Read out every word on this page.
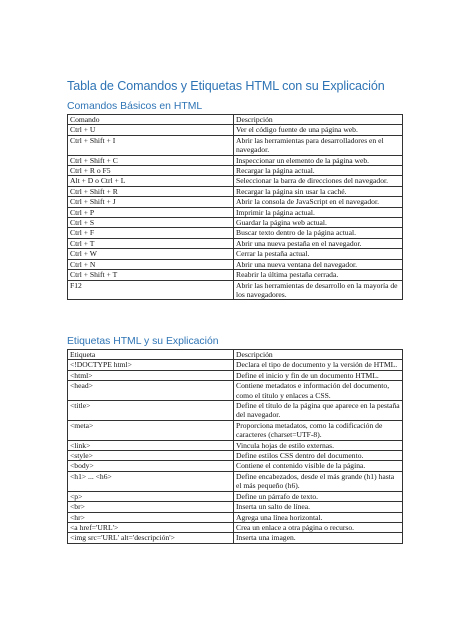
Tabla de Comandos y Etiquetas HTML con su Explicación
Comandos Básicos en HTML
Comando	Descripción
Ctrl + U	Ver el código fuente de una página web.
Ctrl + Shift + I	Abrir las herramientas para desarrolladores en el navegador.
Ctrl + Shift + C	Inspeccionar un elemento de la página web.
Ctrl + R o F5	Recargar la página actual.
Alt + D o Ctrl + L	Seleccionar la barra de direcciones del navegador.
Ctrl + Shift + R	Recargar la página sin usar la caché.
Ctrl + Shift + J	Abrir la consola de JavaScript en el navegador.
Ctrl + P	Imprimir la página actual.
Ctrl + S	Guardar la página web actual.
Ctrl + F	Buscar texto dentro de la página actual.
Ctrl + T	Abrir una nueva pestaña en el navegador.
Ctrl + W	Cerrar la pestaña actual.
Ctrl + N	Abrir una nueva ventana del navegador.
Ctrl + Shift + T	Reabrir la última pestaña cerrada.
F12	Abrir las herramientas de desarrollo en la mayoría de los navegadores.
Etiquetas HTML y su Explicación
Etiqueta	Descripción
<!DOCTYPE html>	Declara el tipo de documento y la versión de HTML.
<html>	Define el inicio y fin de un documento HTML.
<head>	Contiene metadatos e información del documento, como el título y enlaces a CSS.
<title>	Define el título de la página que aparece en la pestaña del navegador.
<meta>	Proporciona metadatos, como la codificación de caracteres (charset=UTF-8).
<link>	Vincula hojas de estilo externas.
<style>	Define estilos CSS dentro del documento.
<body>	Contiene el contenido visible de la página.
<h1> ... <h6>	Define encabezados, desde el más grande (h1) hasta el más pequeño (h6).
<p>	Define un párrafo de texto.
<br>	Inserta un salto de línea.
<hr>	Agrega una línea horizontal.
<a href='URL'>	Crea un enlace a otra página o recurso.
<img src='URL' alt='descripción'>	Inserta una imagen.
